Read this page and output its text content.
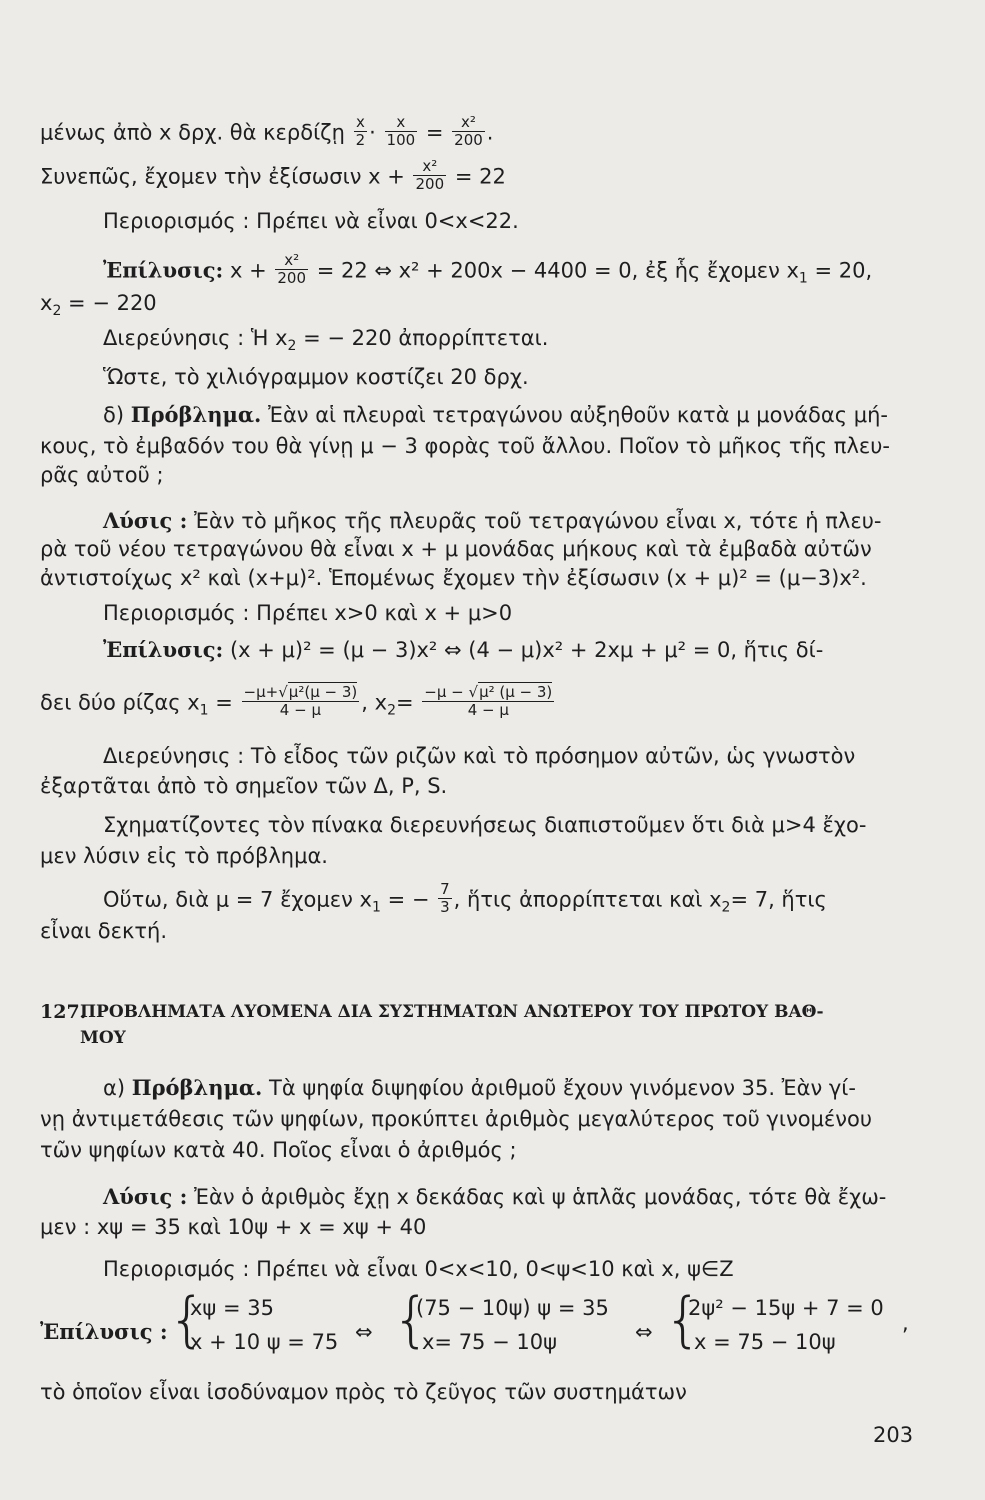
μένως ἀπὸ x δρχ. θὰ κερδίζῃ $\frac{x}{2} \cdot \frac{x}{100} = \frac{\text{x²}}{200}$ .
Συνεπῶς, ἔχομεν τὴν ἐξίσωσιν $x + \frac{\text{x²}}{200} = 22$
Περιορισμός : Πρέπει νὰ εἶναι 0<x<22.
Ἐπίλυσις: $x + \frac{\text{x²}}{200} = 22$ ⇔ x² + 200x − 4400 = 0, ἐξ ἧς ἔχομεν $x_1 = 20$,
$x_2$ = − 220
Διερεύνησις : Ἡ $x_2$ = − 220 ἀπορρίπτεται.
Ὥστε, τὸ χιλιόγραμμον κοστίζει 20 δρχ.
δ) Πρόβλημα. Ἐὰν αἱ πλευραὶ τετραγώνου αὐξηθοῦν κατὰ μ μονάδας μή-
κους, τὸ ἐμβαδόν του θὰ γίνῃ μ − 3 φορὰς τοῦ ἄλλου. Ποῖον τὸ μῆκος τῆς πλευ-
ρᾶς αὐτοῦ ;
Λύσις : Ἐὰν τὸ μῆκος τῆς πλευρᾶς τοῦ τετραγώνου εἶναι x, τότε ἡ πλευ-
ρὰ τοῦ νέου τετραγώνου θὰ εἶναι x + μ μονάδας μήκους καὶ τὰ ἐμβαδὰ αὐτῶν
ἀντιστοίχως x² καὶ (x+μ)². Ἑπομένως ἔχομεν τὴν ἐξίσωσιν (x + μ)² = (μ−3)x².
Περιορισμός : Πρέπει x>0 καὶ x + μ>0
Ἐπίλυσις: (x + μ)² = (μ − 3)x² ⇔ (4 − μ)x² + 2xμ + μ² = 0, ἥτις δί-
δει δύο ρίζας $x_1 = \frac{\text{−μ+√μ²(μ − 3)}}{4 - \mu}$ , $x_2= \frac{\text{−μ − √μ² (μ − 3)}}{4 - \mu}$
Διερεύνησις : Τὸ εἶδος τῶν ριζῶν καὶ τὸ πρόσημον αὐτῶν, ὡς γνωστὸν
ἐξαρτᾶται ἀπὸ τὸ σημεῖον τῶν Δ, P, S.
Σχηματίζοντες τὸν πίνακα διερευνήσεως διαπιστοῦμεν ὅτι διὰ μ>4 ἔχο-
μεν λύσιν εἰς τὸ πρόβλημα.
Οὕτω, διὰ μ = 7 ἔχομεν $x_1$ = − $\frac{7}{3}$ , ἥτις ἀπορρίπτεται καὶ $x_2= 7$, ἥτις
εἶναι δεκτή.
127.
ΠΡΟΒΛΗΜΑΤΑ ΛΥΟΜΕΝΑ ΔΙΑ ΣΥΣΤΗΜΑΤΩΝ ΑΝΩΤΕΡΟΥ ΤΟΥ ΠΡΩΤΟΥ ΒΑΘ-
ΜΟΥ
α) Πρόβλημα. Τὰ ψηφία διψηφίου ἀριθμοῦ ἔχουν γινόμενον 35. Ἐὰν γί-
νῃ ἀντιμετάθεσις τῶν ψηφίων, προκύπτει ἀριθμὸς μεγαλύτερος τοῦ γινομένου
τῶν ψηφίων κατὰ 40. Ποῖος εἶναι ὁ ἀριθμός ;
Λύσις : Ἐὰν ὁ ἀριθμὸς ἔχῃ x δεκάδας καὶ ψ ἁπλᾶς μονάδας, τότε θὰ ἔχω-
μεν : xψ = 35 καὶ 10ψ + x = xψ + 40
Περιορισμός : Πρέπει νὰ εἶναι 0<x<10, 0<ψ<10 καὶ x, ψ∈Z
Ἐπίλυσις : {
xψ = 35
x + 10 ψ = 75 ⇔ {
(75 − 10ψ) ψ = 35
x= 75 − 10ψ	⇔ {
2ψ² − 15ψ + 7 = 0
x = 75 − 10ψ
,
τὸ ὁποῖον εἶναι ἰσοδύναμον πρὸς τὸ ζεῦγος τῶν συστημάτων
203
